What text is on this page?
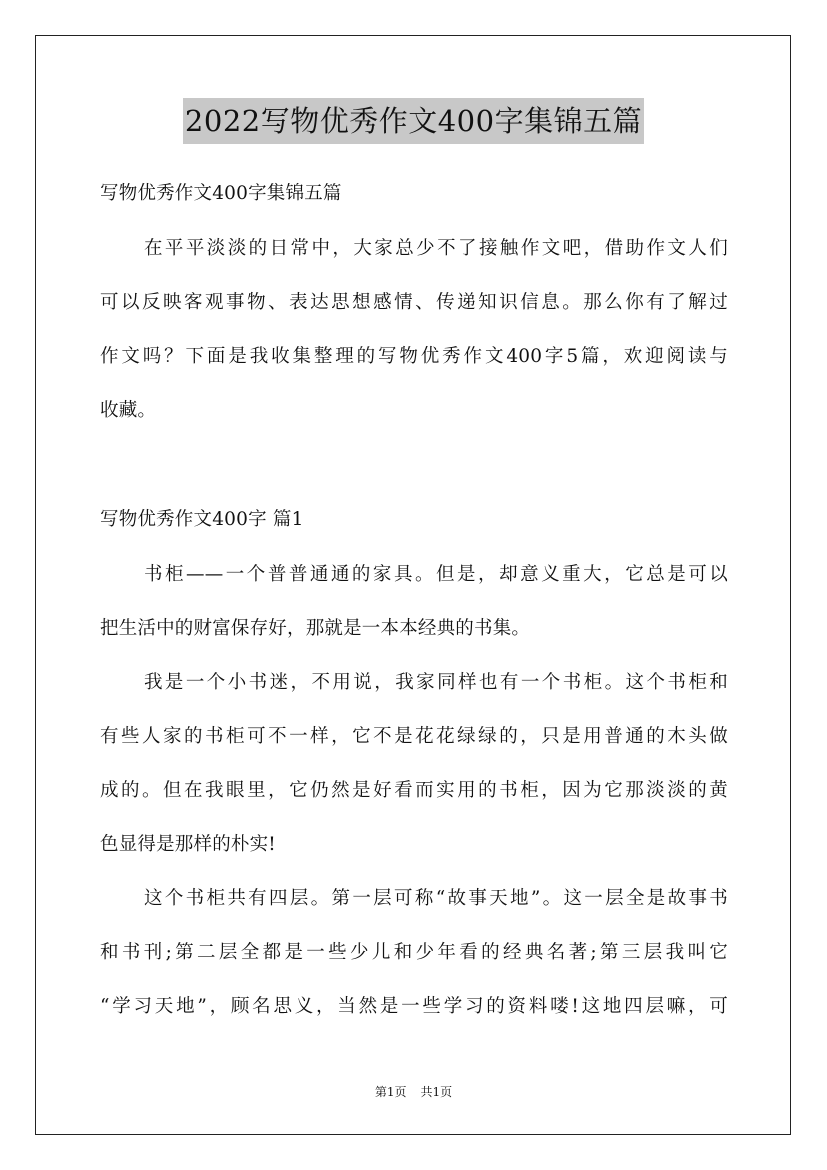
2022写物优秀作文400字集锦五篇
写物优秀作文400字集锦五篇
在平平淡淡的日常中，大家总少不了接触作文吧，借助作文人们
可以反映客观事物、表达思想感情、传递知识信息。那么你有了解过
作文吗？下面是我收集整理的写物优秀作文400字5篇，欢迎阅读与
收藏。
写物优秀作文400字 篇1
书柜——一个普普通通的家具。但是，却意义重大，它总是可以
把生活中的财富保存好，那就是一本本经典的书集。
我是一个小书迷，不用说，我家同样也有一个书柜。这个书柜和
有些人家的书柜可不一样，它不是花花绿绿的，只是用普通的木头做
成的。但在我眼里，它仍然是好看而实用的书柜，因为它那淡淡的黄
色显得是那样的朴实!
这个书柜共有四层。第一层可称“故事天地”。这一层全是故事书
和书刊;第二层全都是一些少儿和少年看的经典名著;第三层我叫它
“学习天地”，顾名思义，当然是一些学习的资料喽!这地四层嘛，可
第1页 共1页
